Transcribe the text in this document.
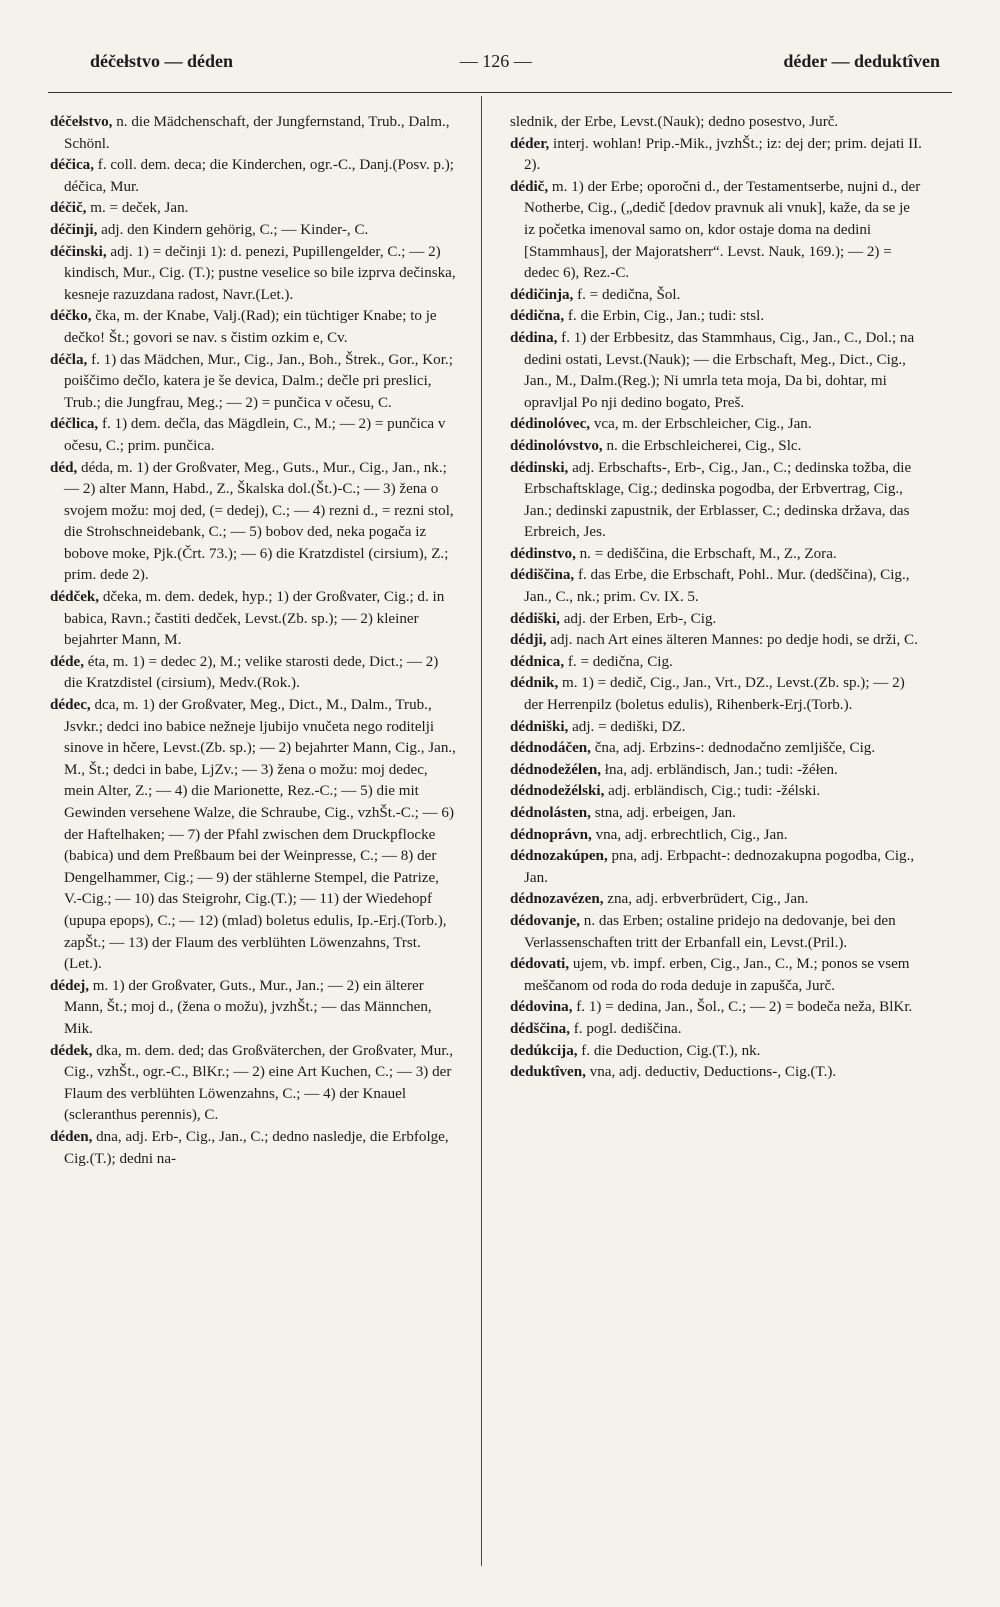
déčełstvo — déden	— 126 —	déder — deduktîven

déčełstvo, n. die Mädchenschaft, der Jungfernstand, Trub., Dalm., Schönl.

déčica, f. coll. dem. deca; die Kinderchen, ogr.-C., Danj.(Posv. p.); déčica, Mur.

déčič, m. = deček, Jan.

déčinji, adj. den Kindern gehörig, C.; — Kinder-, C.

déčinski, adj. 1) = dečinji 1): d. penezi, Pupillengelder, C.; — 2) kindisch, Mur., Cig. (T.); pustne veselice so bile izprva dečinska, kesneje razuzdana radost, Navr.(Let.).

déčko, čka, m. der Knabe, Valj.(Rad); ein tüchtiger Knabe; to je dečko! Št.; govori se nav. s čistim ozkim e, Cv.

déčla, f. 1) das Mädchen, Mur., Cig., Jan., Boh., Štrek., Gor., Kor.; poiščimo dečlo, katera je še devica, Dalm.; dečle pri preslici, Trub.; die Jungfrau, Meg.; — 2) = punčica v očesu, C.

déčlica, f. 1) dem. dečla, das Mägdlein, C., M.; — 2) = punčica v očesu, C.; prim. punčica.

déd, déda, m. 1) der Großvater, Meg., Guts., Mur., Cig., Jan., nk.; — 2) alter Mann, Habd., Z., Škalska dol.(Št.)-C.; — 3) žena o svojem možu: moj ded, (= dedej), C.; — 4) rezni d., = rezni stol, die Strohschneidebank, C.; — 5) bobov ded, neka pogača iz bobove moke, Pjk.(Črt. 73.); — 6) die Kratzdistel (cirsium), Z.; prim. dede 2).

dédček, dčeka, m. dem. dedek, hyp.; 1) der Großvater, Cig.; d. in babica, Ravn.; častiti dedček, Levst.(Zb. sp.); — 2) kleiner bejahrter Mann, M.

déde, éta, m. 1) = dedec 2), M.; velike starosti dede, Dict.; — 2) die Kratzdistel (cirsium), Medv.(Rok.).

dédec, dca, m. 1) der Großvater, Meg., Dict., M., Dalm., Trub., Jsvkr.; dedci ino babice nežneje ljubijo vnučeta nego roditelji sinove in hčere, Levst.(Zb. sp.); — 2) bejahrter Mann, Cig., Jan., M., Št.; dedci in babe, LjZv.; — 3) žena o možu: moj dedec, mein Alter, Z.; — 4) die Marionette, Rez.-C.; — 5) die mit Gewinden versehene Walze, die Schraube, Cig., vzhŠt.-C.; — 6) der Haftelhaken; — 7) der Pfahl zwischen dem Druckpflocke (babica) und dem Preßbaum bei der Weinpresse, C.; — 8) der Dengelhammer, Cig.; — 9) der stählerne Stempel, die Patrize, V.-Cig.; — 10) das Steigrohr, Cig.(T.); — 11) der Wiedehopf (upupa epops), C.; — 12) (mlad) boletus edulis, Ip.-Erj.(Torb.), zapŠt.; — 13) der Flaum des verblühten Löwenzahns, Trst.(Let.).

dédej, m. 1) der Großvater, Guts., Mur., Jan.; — 2) ein älterer Mann, Št.; moj d., (žena o možu), jvzhŠt.; — das Männchen, Mik.

dédek, dka, m. dem. ded; das Großväterchen, der Großvater, Mur., Cig., vzhŠt., ogr.-C., BlKr.; — 2) eine Art Kuchen, C.; — 3) der Flaum des verblühten Löwenzahns, C.; — 4) der Knauel (scleranthus perennis), C.

déden, dna, adj. Erb-, Cig., Jan., C.; dedno nasledje, die Erbfolge, Cig.(T.); dedni na-

slednik, der Erbe, Levst.(Nauk); dedno posestvo, Jurč.

déder, interj. wohlan! Prip.-Mik., jvzhŠt.; iz: dej der; prim. dejati II. 2).

dédič, m. 1) der Erbe; oporočni d., der Testamentserbe, nujni d., der Notherbe, Cig., („dedič [dedov pravnuk ali vnuk], kaže, da se je iz početka imenoval samo on, kdor ostaje doma na dedini [Stammhaus], der Majoratsherr“. Levst. Nauk, 169.); — 2) = dedec 6), Rez.-C.

dédičinja, f. = dedična, Šol.

dédična, f. die Erbin, Cig., Jan.; tudi: stsl.

dédina, f. 1) der Erbbesitz, das Stammhaus, Cig., Jan., C., Dol.; na dedini ostati, Levst.(Nauk); — die Erbschaft, Meg., Dict., Cig., Jan., M., Dalm.(Reg.); Ni umrla teta moja, Da bi, dohtar, mi opravljal Po nji dedino bogato, Preš.

dédinolóvec, vca, m. der Erbschleicher, Cig., Jan.

dédinolóvstvo, n. die Erbschleicherei, Cig., Slc.

dédinski, adj. Erbschafts-, Erb-, Cig., Jan., C.; dedinska tožba, die Erbschaftsklage, Cig.; dedinska pogodba, der Erbvertrag, Cig., Jan.; dedinski zapustnik, der Erblasser, C.; dedinska država, das Erbreich, Jes.

dédinstvo, n. = dediščina, die Erbschaft, M., Z., Zora.

dédiščina, f. das Erbe, die Erbschaft, Pohl.. Mur. (dedščina), Cig., Jan., C., nk.; prim. Cv. IX. 5.

dédiški, adj. der Erben, Erb-, Cig.

dédji, adj. nach Art eines älteren Mannes: po dedje hodi, se drži, C.

dédnica, f. = dedična, Cig.

dédnik, m. 1) = dedič, Cig., Jan., Vrt., DZ., Levst.(Zb. sp.); — 2) der Herrenpilz (boletus edulis), Rihenberk-Erj.(Torb.).

dédniški, adj. = dediški, DZ.

dédnodáčen, čna, adj. Erbzins-: dednodačno zemljišče, Cig.

dédnodežélen, łna, adj. erbländisch, Jan.; tudi: -žéłen.

dédnodežélski, adj. erbländisch, Cig.; tudi: -žélski.

dédnolásten, stna, adj. erbeigen, Jan.

dédnoprávn, vna, adj. erbrechtlich, Cig., Jan.

dédnozakúpen, pna, adj. Erbpacht-: dednozakupna pogodba, Cig., Jan.

dédnozavézen, zna, adj. erbverbrüdert, Cig., Jan.

dédovanje, n. das Erben; ostaline pridejo na dedovanje, bei den Verlassenschaften tritt der Erbanfall ein, Levst.(Pril.).

dédovati, ujem, vb. impf. erben, Cig., Jan., C., M.; ponos se vsem meščanom od roda do roda deduje in zapušča, Jurč.

dédovina, f. 1) = dedina, Jan., Šol., C.; — 2) = bodeča neža, BlKr.

dédščina, f. pogl. dediščina.

dedúkcija, f. die Deduction, Cig.(T.), nk.

deduktîven, vna, adj. deductiv, Deductions-, Cig.(T.).
